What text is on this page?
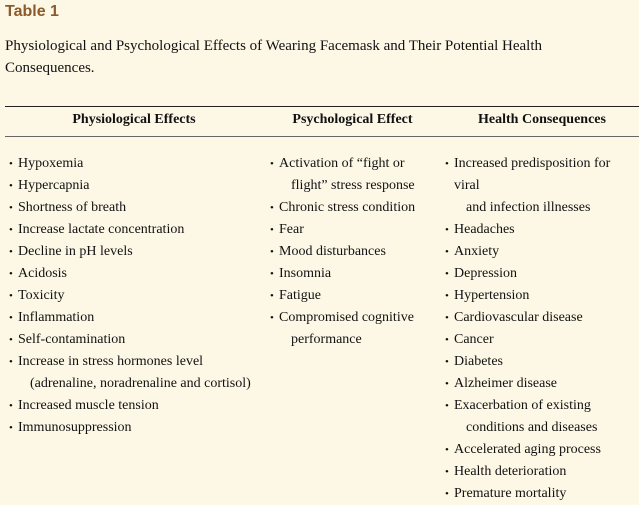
Table 1
Physiological and Psychological Effects of Wearing Facemask and Their Potential Health Consequences.
Physiological Effects	Psychological Effect	Health Consequences
• Hypoxemia
• Hypercapnia
• Shortness of breath
• Increase lactate concentration
• Decline in pH levels
• Acidosis
• Toxicity
• Inflammation
• Self-contamination
• Increase in stress hormones level
(adrenaline, noradrenaline and cortisol)
• Increased muscle tension
• Immunosuppression
• Activation of “fight or
flight” stress response
• Chronic stress condition
• Fear
• Mood disturbances
• Insomnia
• Fatigue
• Compromised cognitive
performance
• Increased predisposition for viral
and infection illnesses
• Headaches
• Anxiety
• Depression
• Hypertension
• Cardiovascular disease
• Cancer
• Diabetes
• Alzheimer disease
• Exacerbation of existing
conditions and diseases
• Accelerated aging process
• Health deterioration
• Premature mortality
